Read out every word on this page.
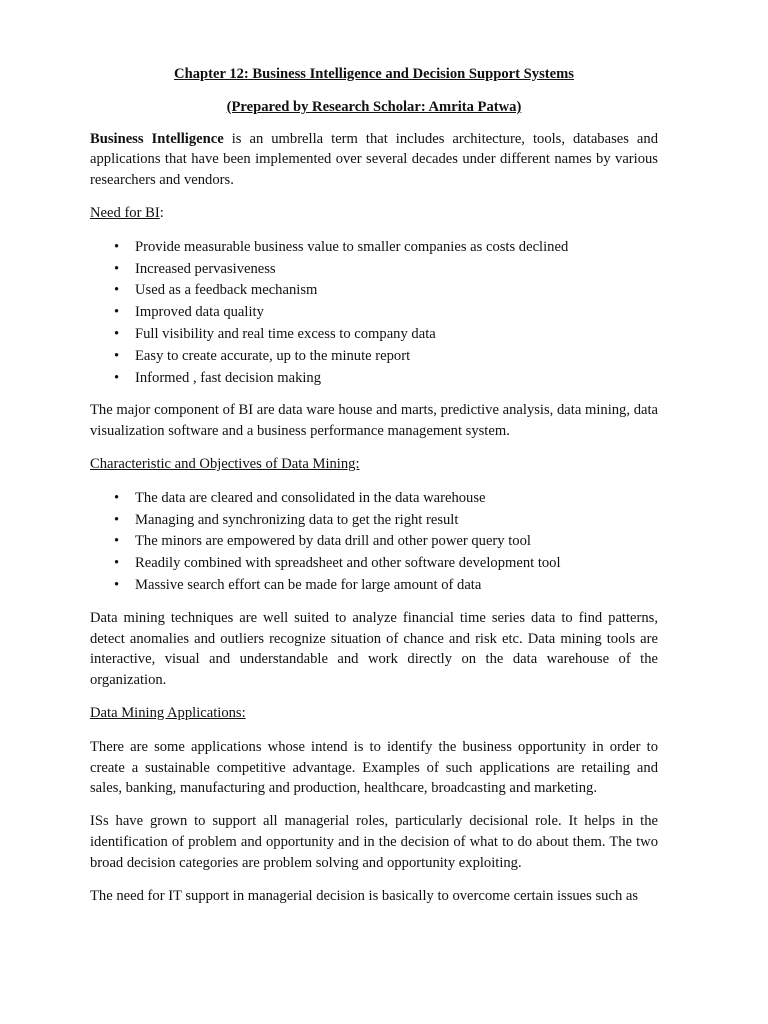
Chapter 12: Business Intelligence and Decision Support Systems
(Prepared by Research Scholar: Amrita Patwa)

Business Intelligence is an umbrella term that includes architecture, tools, databases and applications that have been implemented over several decades under different names by various researchers and vendors.

Need for BI:
• Provide measurable business value to smaller companies as costs declined
• Increased pervasiveness
• Used as a feedback mechanism
• Improved data quality
• Full visibility and real time excess to company data
• Easy to create accurate, up to the minute report
• Informed , fast decision making

The major component of BI are data ware house and marts, predictive analysis, data mining, data visualization software and a business performance management system.

Characteristic and Objectives of Data Mining:
• The data are cleared and consolidated in the data warehouse
• Managing and synchronizing data to get the right result
• The minors are empowered by data drill and other power query tool
• Readily combined with spreadsheet and other software development tool
• Massive search effort can be made for large amount of data

Data mining techniques are well suited to analyze financial time series data to find patterns, detect anomalies and outliers recognize situation of chance and risk etc. Data mining tools are interactive, visual and understandable and work directly on the data warehouse of the organization.

Data Mining Applications:

There are some applications whose intend is to identify the business opportunity in order to create a sustainable competitive advantage. Examples of such applications are retailing and sales, banking, manufacturing and production, healthcare, broadcasting and marketing.

ISs have grown to support all managerial roles, particularly decisional role. It helps in the identification of problem and opportunity and in the decision of what to do about them. The two broad decision categories are problem solving and opportunity exploiting.

The need for IT support in managerial decision is basically to overcome certain issues such as
